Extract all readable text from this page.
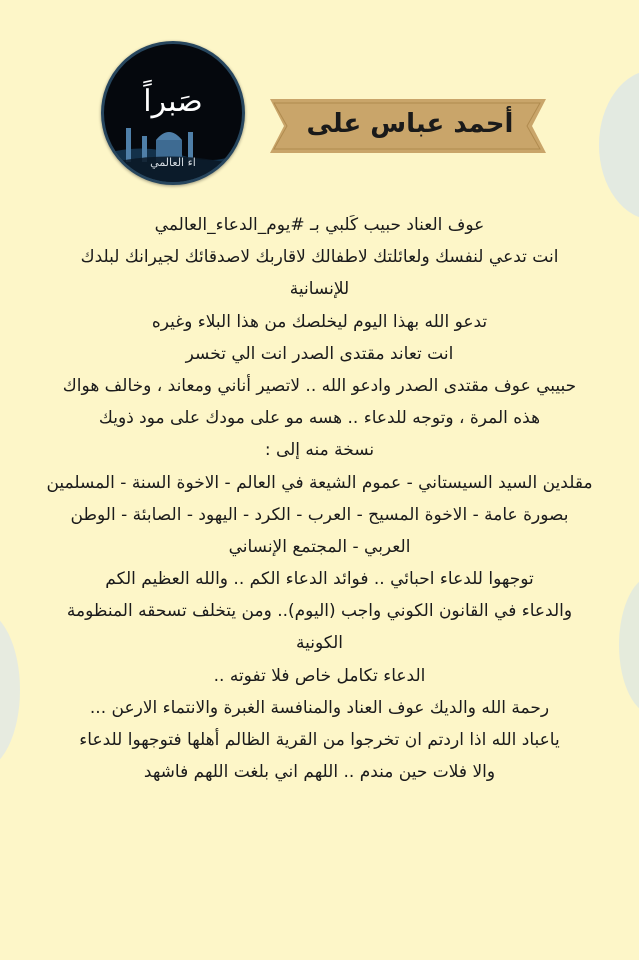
صَبراً
اء العالمي
أحمد عباس على
عوف العناد حبيب كَلبي بـ #يوم_الدعاء_العالمي
انت تدعي لنفسك ولعائلتك لاطفالك لاقاربك لاصدقائك لجيرانك لبلدك
للإنسانية
تدعو الله بهذا اليوم ليخلصك من هذا البلاء وغيره
انت تعاند مقتدى الصدر انت الي تخسر
حبيبي عوف مقتدى الصدر وادعو الله .. لاتصير أناني ومعاند ، وخالف هواك
هذه المرة ، وتوجه للدعاء .. هسه مو على مودك على مود ذويك
نسخة منه إلى :
مقلدين السيد السيستاني - عموم الشيعة في العالم - الاخوة السنة - المسلمين
بصورة عامة - الاخوة المسيح - العرب - الكرد - اليهود - الصابئة - الوطن
العربي - المجتمع الإنساني
توجهوا للدعاء احبائي .. فوائد الدعاء الكم .. والله العظيم الكم
والدعاء في القانون الكوني واجب (اليوم).. ومن يتخلف تسحقه المنظومة
الكونية
الدعاء تكامل خاص فلا تفوته ..
رحمة الله والديك عوف العناد والمنافسة الغبرة والانتماء الارعن ...
ياعباد الله اذا اردتم ان تخرجوا من القرية الظالم أهلها فتوجهوا للدعاء
والا فلات حين مندم .. اللهم اني بلغت اللهم فاشهد
